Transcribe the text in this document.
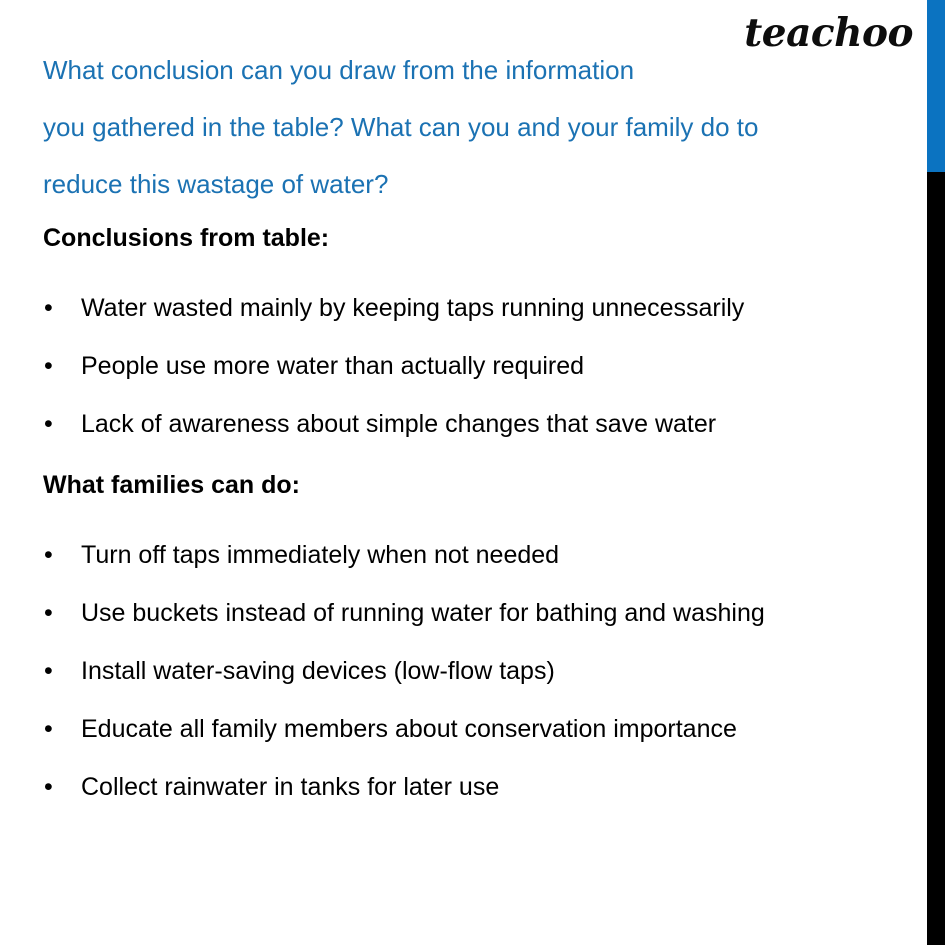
teachoo
What conclusion can you draw from the information
you gathered in the table? What can you and your family do to
reduce this wastage of water?
Conclusions from table:
• Water wasted mainly by keeping taps running unnecessarily
• People use more water than actually required
• Lack of awareness about simple changes that save water
What families can do:
• Turn off taps immediately when not needed
• Use buckets instead of running water for bathing and washing
• Install water-saving devices (low-flow taps)
• Educate all family members about conservation importance
• Collect rainwater in tanks for later use
